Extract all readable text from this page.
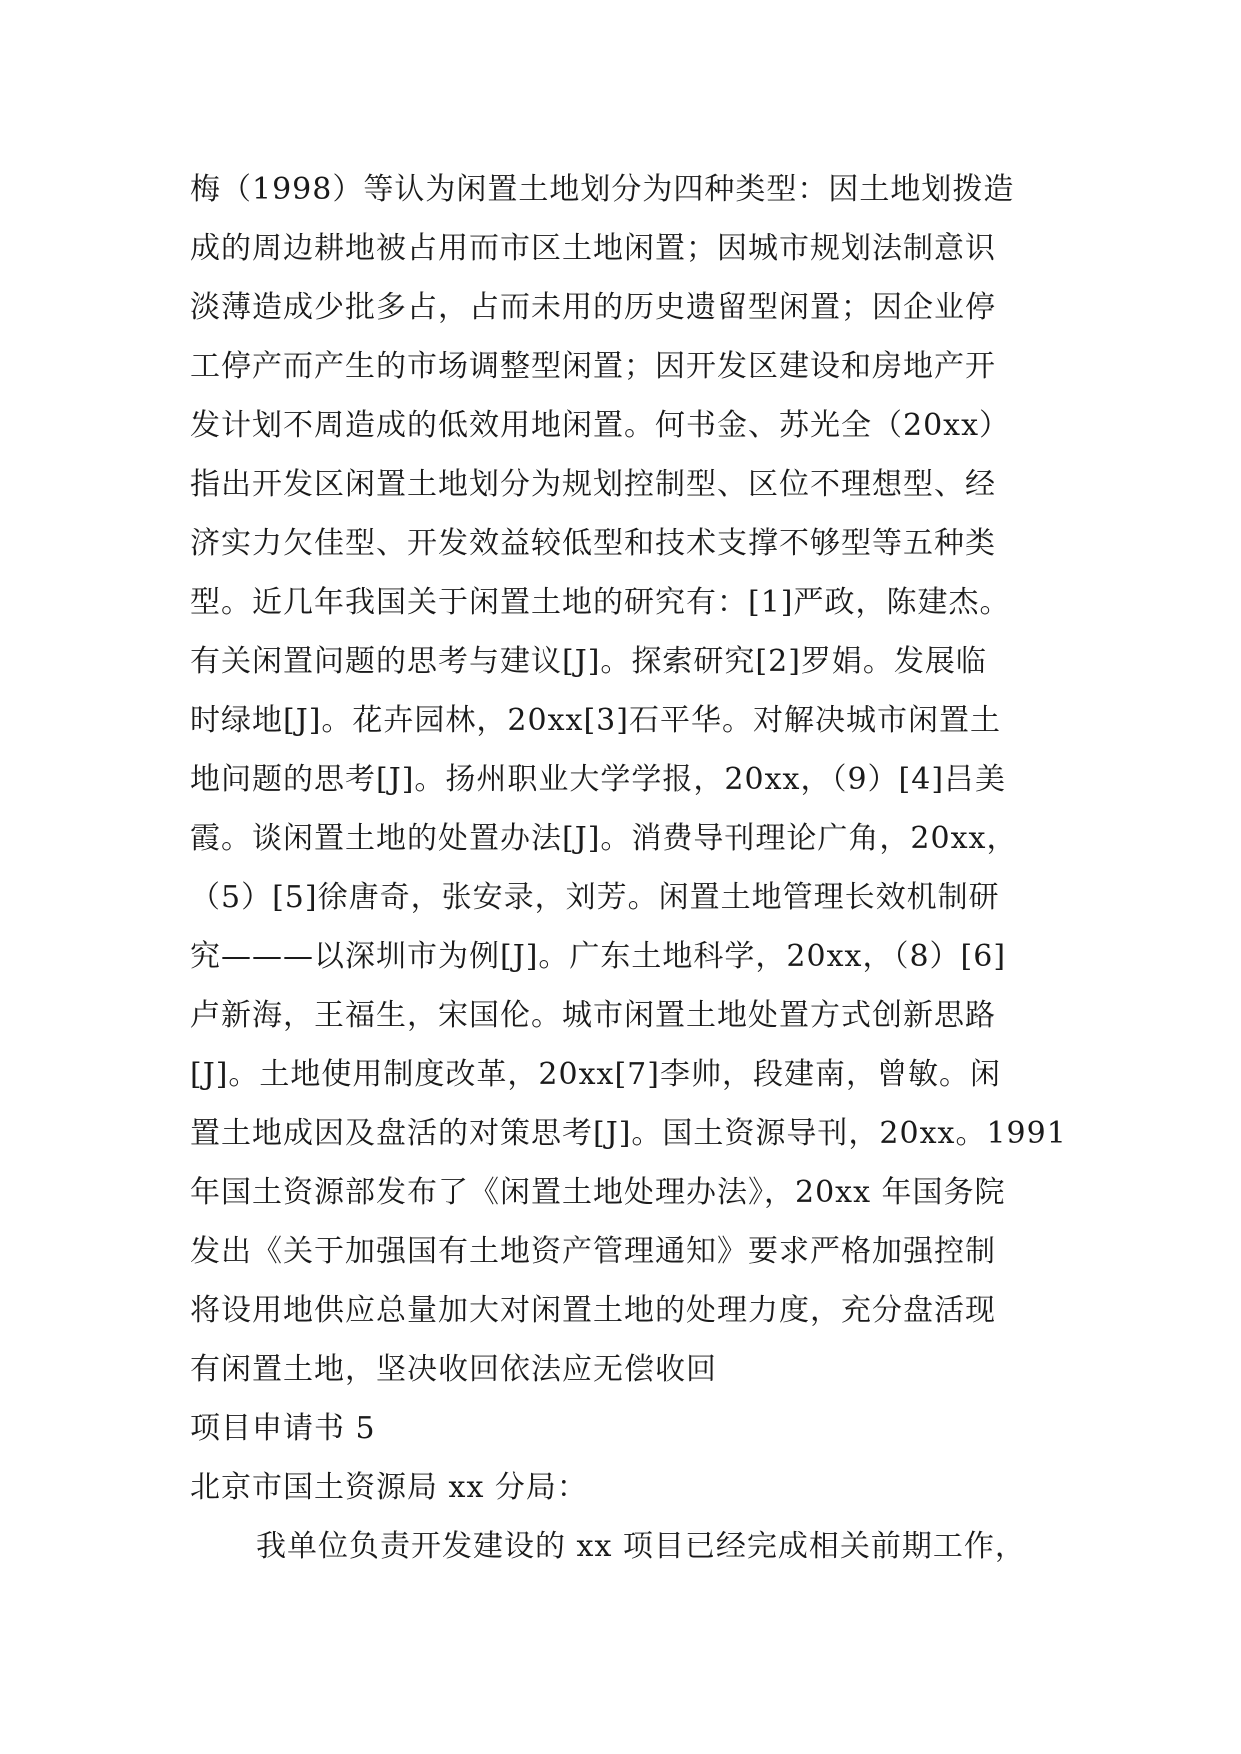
梅（1998）等认为闲置土地划分为四种类型：因土地划拨造
成的周边耕地被占用而市区土地闲置；因城市规划法制意识
淡薄造成少批多占，占而未用的历史遗留型闲置；因企业停
工停产而产生的市场调整型闲置；因开发区建设和房地产开
发计划不周造成的低效用地闲置。何书金、苏光全（20xx）
指出开发区闲置土地划分为规划控制型、区位不理想型、经
济实力欠佳型、开发效益较低型和技术支撑不够型等五种类
型。近几年我国关于闲置土地的研究有：[1]严政，陈建杰。
有关闲置问题的思考与建议[J]。探索研究[2]罗娟。发展临
时绿地[J]。花卉园林，20xx[3]石平华。对解决城市闲置土
地问题的思考[J]。扬州职业大学学报，20xx，（9）[4]吕美
霞。谈闲置土地的处置办法[J]。消费导刊理论广角，20xx，
（5）[5]徐唐奇，张安录，刘芳。闲置土地管理长效机制研
究———以深圳市为例[J]。广东土地科学，20xx，（8）[6]
卢新海，王福生，宋国伦。城市闲置土地处置方式创新思路
[J]。土地使用制度改革，20xx[7]李帅，段建南，曾敏。闲
置土地成因及盘活的对策思考[J]。国土资源导刊，20xx。1991
年国土资源部发布了《闲置土地处理办法》，20xx 年国务院
发出《关于加强国有土地资产管理通知》要求严格加强控制
将设用地供应总量加大对闲置土地的处理力度，充分盘活现
有闲置土地，坚决收回依法应无偿收回
项目申请书 5
北京市国土资源局 xx 分局：
我单位负责开发建设的 xx 项目已经完成相关前期工作，
